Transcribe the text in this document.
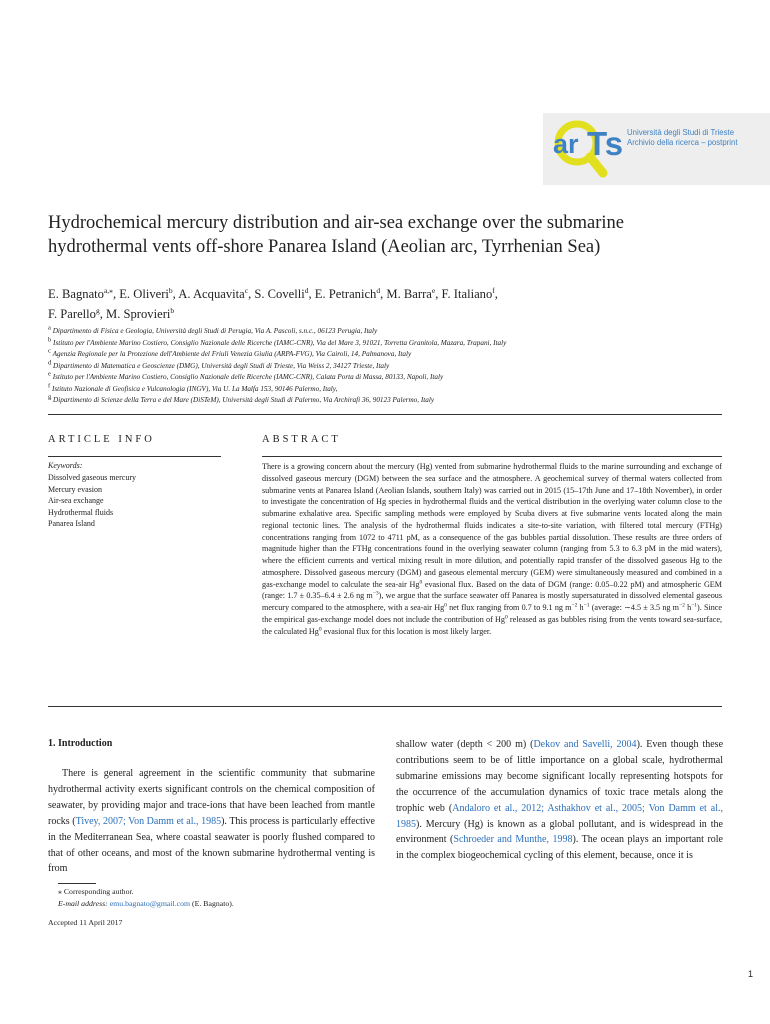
ar Ts Università degli Studi di Trieste
Archivio della ricerca – postprint
Hydrochemical mercury distribution and air-sea exchange over the submarine hydrothermal vents off-shore Panarea Island (Aeolian arc, Tyrrhenian Sea)
E. Bagnato$^{a,⁎}$, E. Oliveri$^b$, A. Acquavita$^c$, S. Covelli$^d$, E. Petranich$^d$, M. Barra$^e$, F. Italiano$^f$,
F. Parello$^g$, M. Sprovieri$^b$
$^a$ Dipartimento di Fisica e Geologia, Università degli Studi di Perugia, Via A. Pascoli, s.n.c., 06123 Perugia, Italy
$^b$ Istituto per l'Ambiente Marino Costiero, Consiglio Nazionale delle Ricerche (IAMC-CNR), Via del Mare 3, 91021, Torretta Granitola, Mazara, Trapani, Italy
$^c$ Agenzia Regionale per la Protezione dell'Ambiente del Friuli Venezia Giulia (ARPA-FVG), Via Cairoli, 14, Palmanova, Italy
$^d$ Dipartimento di Matematica e Geoscienze (DMG), Università degli Studi di Trieste, Via Weiss 2, 34127 Trieste, Italy
$^e$ Istituto per l'Ambiente Marino Costiero, Consiglio Nazionale delle Ricerche (IAMC-CNR), Calata Porta di Massa, 80133, Napoli, Italy
$^f$ Istituto Nazionale di Geofisica e Vulcanologia (INGV), Via U. La Malfa 153, 90146 Palermo, Italy,
$^g$ Dipartimento di Scienze della Terra e del Mare (DiSTeM), Università degli Studi di Palermo, Via Archirafi 36, 90123 Palermo, Italy
ARTICLE INFO
Keywords:
Dissolved gaseous mercury
Mercury evasion
Air-sea exchange
Hydrothermal fluids
Panarea Island
ABSTRACT
There is a growing concern about the mercury (Hg) vented from submarine hydrothermal fluids to the marine surrounding and exchange of dissolved gaseous mercury (DGM) between the sea surface and the atmosphere. A geochemical survey of thermal waters collected from submarine vents at Panarea Island (Aeolian Islands, southern Italy) was carried out in 2015 (15–17th June and 17–18th November), in order to investigate the concentration of Hg species in hydrothermal fluids and the vertical distribution in the overlying water column close to the submarine exhalative area. Specific sampling methods were employed by Scuba divers at five submarine vents located along the main regional tectonic lines. The analysis of the hydrothermal fluids indicates a site-to-site variation, with filtered total mercury (FTHg) concentrations ranging from 1072 to 4711 pM, as a consequence of the gas bubbles partial dissolution. These results are three orders of magnitude higher than the FTHg concentrations found in the overlying seawater column (ranging from 5.3 to 6.3 pM in the mid waters), where the efficient currents and vertical mixing result in more dilution, and potentially rapid transfer of the dissolved gaseous Hg to the atmosphere. Dissolved gaseous mercury (DGM) and gaseous elemental mercury (GEM) were simultaneously measured and combined in a gas-exchange model to calculate the sea-air Hg$^0$ evasional flux. Based on the data of DGM (range: 0.05–0.22 pM) and atmospheric GEM (range: 1.7 ± 0.35–6.4 ± 2.6 ng $m^{-3}$), we argue that the surface seawater off Panarea is mostly supersaturated in dissolved elemental gaseous mercury compared to the atmosphere, with a sea-air Hg$^0$ net flux ranging from 0.7 to 9.1 ng $m^{-2}$ $h^{-1}$ (average: ∼4.5 ± 3.5 ng $m^{-2}$ $h^{-1}$). Since the empirical gas-exchange model does not include the contribution of Hg$^0$ released as gas bubbles rising from the vents toward sea-surface, the calculated Hg$^0$ evasional flux for this location is most likely larger.
1. Introduction
There is general agreement in the scientific community that submarine hydrothermal activity exerts significant controls on the chemical composition of seawater, by providing major and trace-ions that have been leached from mantle rocks (Tivey, 2007; Von Damm et al., 1985). This process is particularly effective in the Mediterranean Sea, where coastal seawater is poorly flushed compared to that of other oceans, and most of the known submarine hydrothermal venting is from
shallow water (depth < 200 m) (Dekov and Savelli, 2004). Even though these contributions seem to be of little importance on a global scale, hydrothermal submarine emissions may become significant locally representing hotspots for the occurrence of the accumulation dynamics of toxic trace metals along the trophic web (Andaloro et al., 2012; Asthakhov et al., 2005; Von Damm et al., 1985). Mercury (Hg) is known as a global pollutant, and is widespread in the environment (Schroeder and Munthe, 1998). The ocean plays an important role in the complex biogeochemical cycling of this element, because, once it is
⁎ Corresponding author.
E-mail address: emu.bagnato@gmail.com (E. Bagnato).
Accepted 11 April 2017
1
